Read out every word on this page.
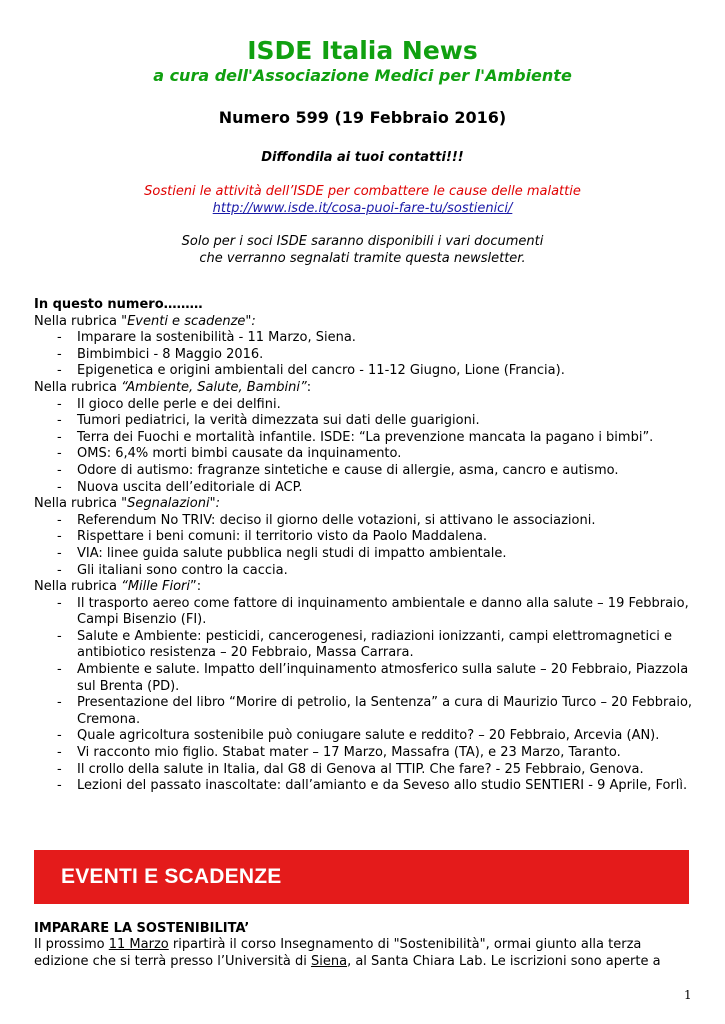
ISDE Italia News
a cura dell'Associazione Medici per l'Ambiente
Numero 599 (19 Febbraio 2016)
Diffondila ai tuoi contatti!!!
Sostieni le attività dell’ISDE per combattere le cause delle malattie
http://www.isde.it/cosa-puoi-fare-tu/sostienici/
Solo per i soci ISDE saranno disponibili i vari documenti
che verranno segnalati tramite questa newsletter.
In questo numero………
Nella rubrica "Eventi e scadenze":
- Imparare la sostenibilità - 11 Marzo, Siena.
- Bimbimbici - 8 Maggio 2016.
- Epigenetica e origini ambientali del cancro - 11-12 Giugno, Lione (Francia).
Nella rubrica “Ambiente, Salute, Bambini”:
- Il gioco delle perle e dei delfini.
- Tumori pediatrici, la verità dimezzata sui dati delle guarigioni.
- Terra dei Fuochi e mortalità infantile. ISDE: “La prevenzione mancata la pagano i bimbi”.
- OMS: 6,4% morti bimbi causate da inquinamento.
- Odore di autismo: fragranze sintetiche e cause di allergie, asma, cancro e autismo.
- Nuova uscita dell’editoriale di ACP.
Nella rubrica "Segnalazioni":
- Referendum No TRIV: deciso il giorno delle votazioni, si attivano le associazioni.
- Rispettare i beni comuni: il territorio visto da Paolo Maddalena.
- VIA: linee guida salute pubblica negli studi di impatto ambientale.
- Gli italiani sono contro la caccia.
Nella rubrica “Mille Fiori”:
- Il trasporto aereo come fattore di inquinamento ambientale e danno alla salute – 19 Febbraio, Campi Bisenzio (FI).
- Salute e Ambiente: pesticidi, cancerogenesi, radiazioni ionizzanti, campi elettromagnetici e antibiotico resistenza – 20 Febbraio, Massa Carrara.
- Ambiente e salute. Impatto dell’inquinamento atmosferico sulla salute – 20 Febbraio, Piazzola sul Brenta (PD).
- Presentazione del libro “Morire di petrolio, la Sentenza” a cura di Maurizio Turco – 20 Febbraio, Cremona.
- Quale agricoltura sostenibile può coniugare salute e reddito? – 20 Febbraio, Arcevia (AN).
- Vi racconto mio figlio. Stabat mater – 17 Marzo, Massafra (TA), e 23 Marzo, Taranto.
- Il crollo della salute in Italia, dal G8 di Genova al TTIP. Che fare? - 25 Febbraio, Genova.
- Lezioni del passato inascoltate: dall’amianto e da Seveso allo studio SENTIERI - 9 Aprile, Forlì.
EVENTI E SCADENZE
IMPARARE LA SOSTENIBILITA’
Il prossimo 11 Marzo ripartirà il corso Insegnamento di "Sostenibilità", ormai giunto alla terza edizione che si terrà presso l’Università di Siena, al Santa Chiara Lab. Le iscrizioni sono aperte a
1
